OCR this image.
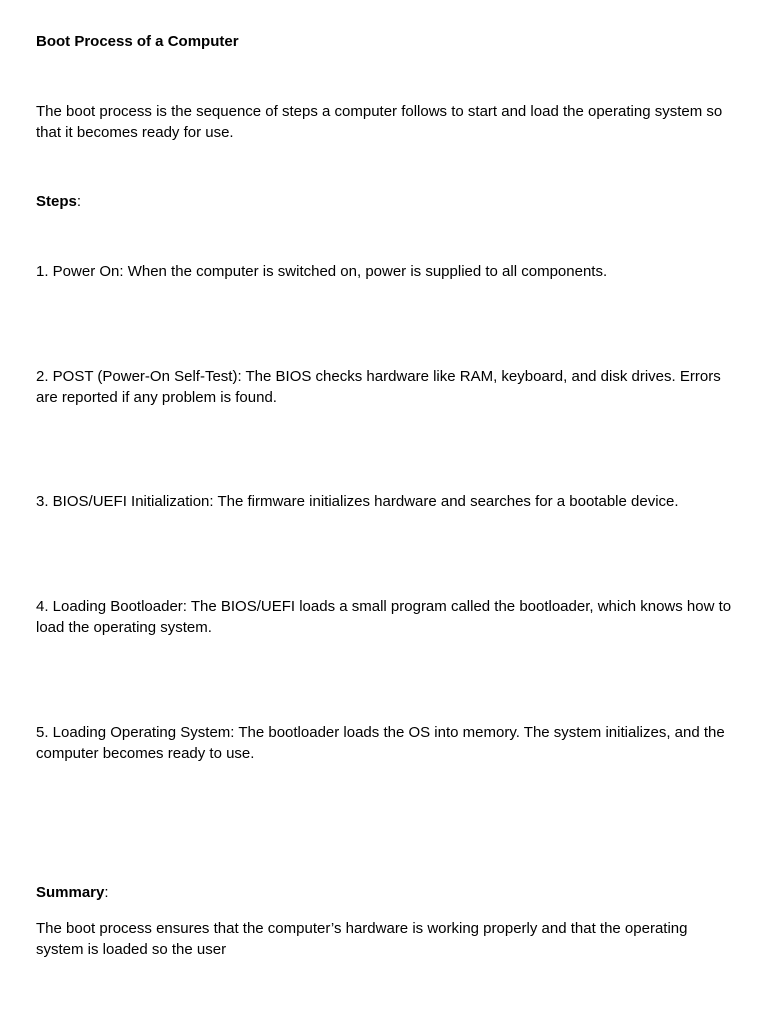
Boot Process of a Computer
The boot process is the sequence of steps a computer follows to start and load the operating system so that it becomes ready for use.
Steps:
1. Power On: When the computer is switched on, power is supplied to all components.
2. POST (Power-On Self-Test): The BIOS checks hardware like RAM, keyboard, and disk drives. Errors are reported if any problem is found.
3. BIOS/UEFI Initialization: The firmware initializes hardware and searches for a bootable device.
4. Loading Bootloader: The BIOS/UEFI loads a small program called the bootloader, which knows how to load the operating system.
5. Loading Operating System: The bootloader loads the OS into memory. The system initializes, and the computer becomes ready to use.
Summary:
The boot process ensures that the computer’s hardware is working properly and that the operating system is loaded so the user
